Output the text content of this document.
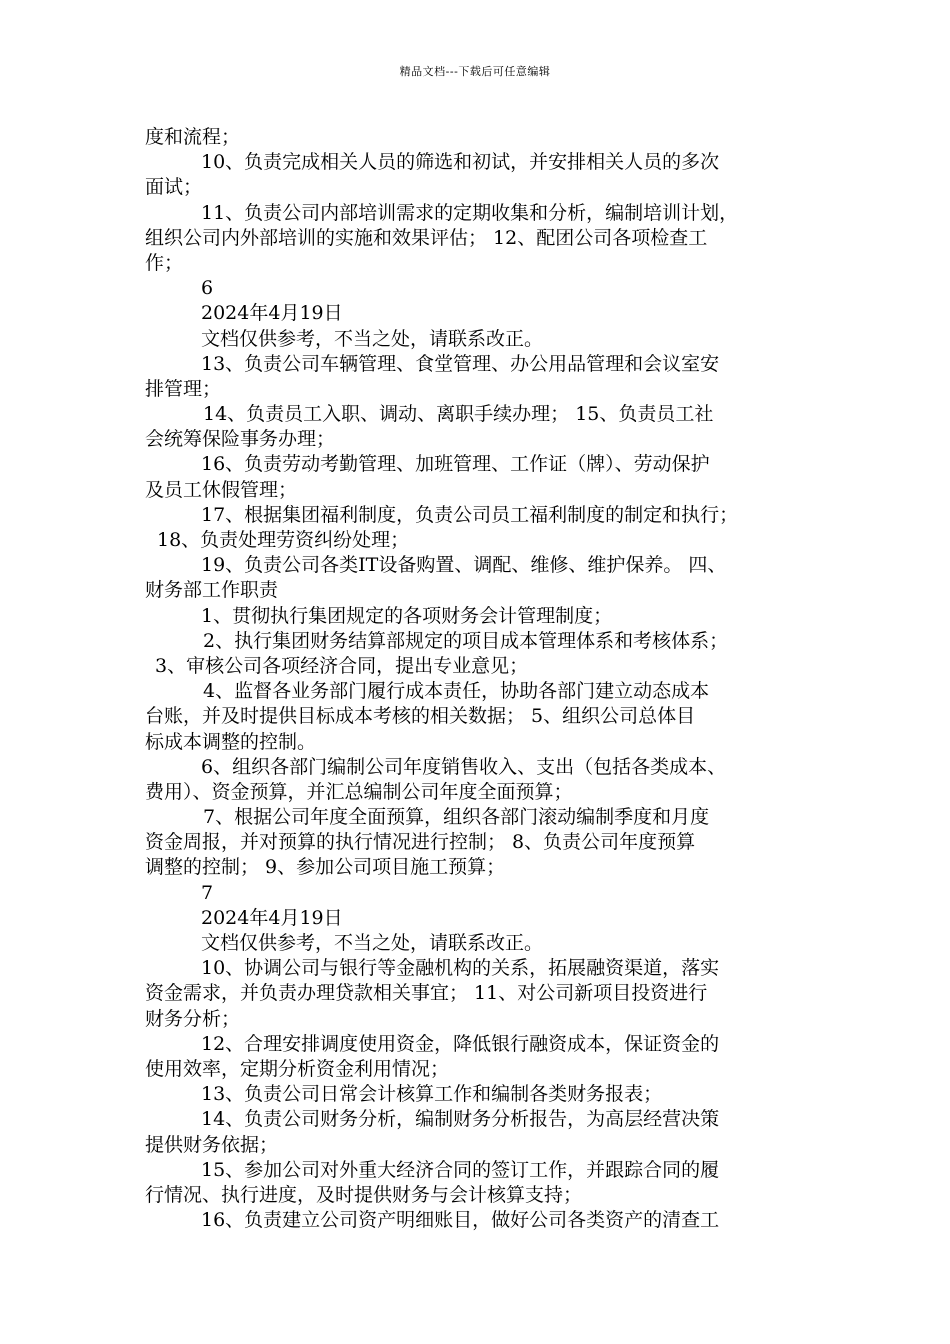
精品文档---下载后可任意编辑
度和流程；
10、负责完成相关人员的筛选和初试，并安排相关人员的多次
面试；
11、负责公司内部培训需求的定期收集和分析，编制培训计划，
组织公司内外部培训的实施和效果评估； 12、配团公司各项检查工
作；
6
2024年4月19日
文档仅供参考，不当之处，请联系改正。
13、负责公司车辆管理、食堂管理、办公用品管理和会议室安
排管理；
14、负责员工入职、调动、离职手续办理； 15、负责员工社
会统筹保险事务办理；
16、负责劳动考勤管理、加班管理、工作证（牌）、劳动保护
及员工休假管理；
17、根据集团福利制度，负责公司员工福利制度的制定和执行；
18、负责处理劳资纠纷处理；
19、负责公司各类IT设备购置、调配、维修、维护保养。 四、
财务部工作职责
1、贯彻执行集团规定的各项财务会计管理制度；
2、执行集团财务结算部规定的项目成本管理体系和考核体系；
3、审核公司各项经济合同，提出专业意见；
4、监督各业务部门履行成本责任，协助各部门建立动态成本
台账，并及时提供目标成本考核的相关数据； 5、组织公司总体目
标成本调整的控制。
6、组织各部门编制公司年度销售收入、支出（包括各类成本、
费用）、资金预算，并汇总编制公司年度全面预算；
7、根据公司年度全面预算，组织各部门滚动编制季度和月度
资金周报，并对预算的执行情况进行控制； 8、负责公司年度预算
调整的控制； 9、参加公司项目施工预算；
7
2024年4月19日
文档仅供参考，不当之处，请联系改正。
10、协调公司与银行等金融机构的关系，拓展融资渠道，落实
资金需求，并负责办理贷款相关事宜； 11、对公司新项目投资进行
财务分析；
12、合理安排调度使用资金，降低银行融资成本，保证资金的
使用效率，定期分析资金利用情况；
13、负责公司日常会计核算工作和编制各类财务报表；
14、负责公司财务分析，编制财务分析报告，为高层经营决策
提供财务依据；
15、参加公司对外重大经济合同的签订工作，并跟踪合同的履
行情况、执行进度，及时提供财务与会计核算支持；
16、负责建立公司资产明细账目，做好公司各类资产的清查工
